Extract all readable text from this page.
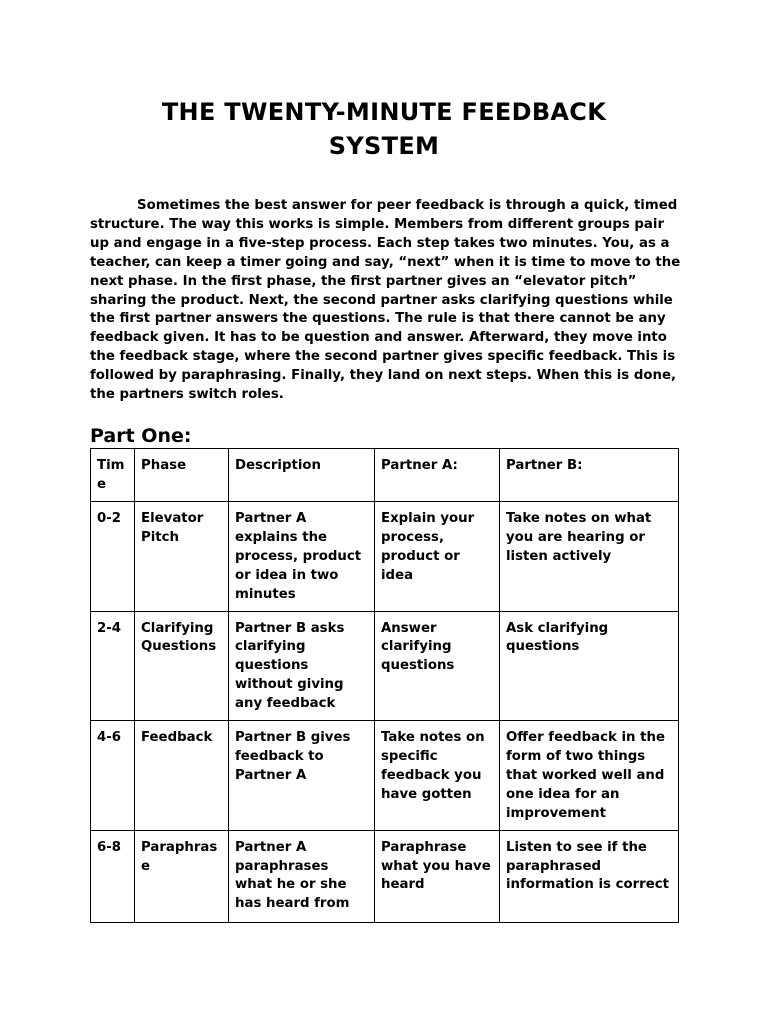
THE TWENTY-MINUTE FEEDBACK
SYSTEM

Sometimes the best answer for peer feedback is through a quick, timed structure. The way this works is simple. Members from different groups pair up and engage in a five-step process. Each step takes two minutes. You, as a teacher, can keep a timer going and say, “next” when it is time to move to the next phase. In the first phase, the first partner gives an “elevator pitch” sharing the product. Next, the second partner asks clarifying questions while the first partner answers the questions. The rule is that there cannot be any feedback given. It has to be question and answer. Afterward, they move into the feedback stage, where the second partner gives specific feedback. This is followed by paraphrasing. Finally, they land on next steps. When this is done, the partners switch roles.

Part One:
Time	Phase	Description	Partner A:	Partner B:
0-2	Elevator Pitch	Partner A explains the process, product or idea in two minutes	Explain your process, product or idea	Take notes on what you are hearing or listen actively
2-4	Clarifying Questions	Partner B asks clarifying questions without giving any feedback	Answer clarifying questions	Ask clarifying questions
4-6	Feedback	Partner B gives feedback to Partner A	Take notes on specific feedback you have gotten	Offer feedback in the form of two things that worked well and one idea for an improvement
6-8	Paraphrase	Partner A paraphrases what he or she has heard from	Paraphrase what you have heard	Listen to see if the paraphrased information is correct
